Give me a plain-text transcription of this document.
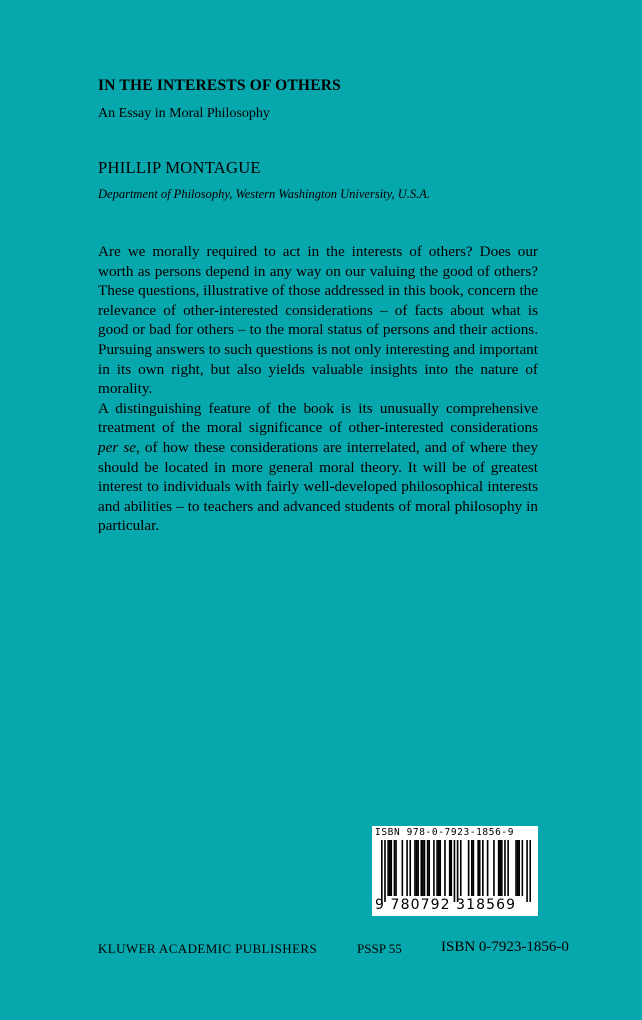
IN THE INTERESTS OF OTHERS
An Essay in Moral Philosophy
PHILLIP MONTAGUE
Department of Philosophy, Western Washington University, U.S.A.

Are we morally required to act in the interests of others? Does our worth as persons depend in any way on our valuing the good of others? These questions, illustrative of those addressed in this book, concern the relevance of other-interested considerations – of facts about what is good or bad for others – to the moral status of persons and their actions. Pursuing answers to such questions is not only interesting and important in its own right, but also yields valuable insights into the nature of morality.

A distinguishing feature of the book is its unusually comprehensive treatment of the moral significance of other-interested considerations per se, of how these considerations are interrelated, and of where they should be located in more general moral theory. It will be of greatest interest to individuals with fairly well-developed philosophical interests and abilities – to teachers and advanced students of moral philosophy in particular.

ISBN 978-0-7923-1856-9
9 780792 318569
KLUWER ACADEMIC PUBLISHERS	PSSP 55	ISBN 0-7923-1856-0
